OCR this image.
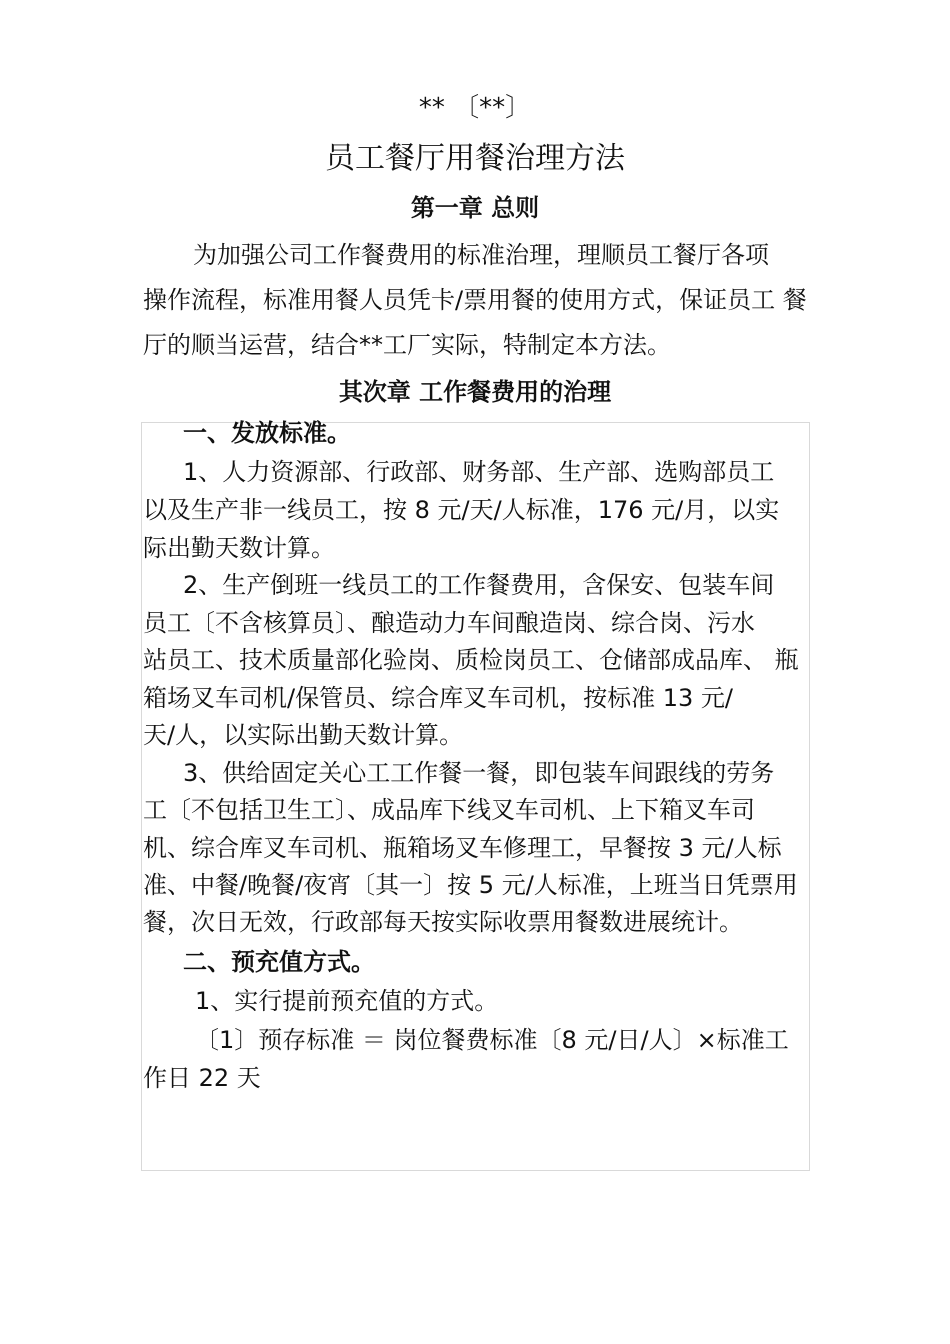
** 〔**〕
员工餐厅用餐治理方法
第一章 总则
为加强公司工作餐费用的标准治理，理顺员工餐厅各项
操作流程，标准用餐人员凭卡/票用餐的使用方式，保证员工 餐
厅的顺当运营，结合**工厂实际，特制定本方法。
其次章 工作餐费用的治理
一、发放标准。
1、人力资源部、行政部、财务部、生产部、选购部员工
以及生产非一线员工，按 8 元/天/人标准，176 元/月，以实
际出勤天数计算。
2、生产倒班一线员工的工作餐费用，含保安、包装车间
员工〔不含核算员〕、酿造动力车间酿造岗、综合岗、污水
站员工、技术质量部化验岗、质检岗员工、仓储部成品库、 瓶
箱场叉车司机/保管员、综合库叉车司机，按标准 13 元/
天/人，以实际出勤天数计算。
3、供给固定关心工工作餐一餐，即包装车间跟线的劳务
工〔不包括卫生工〕、成品库下线叉车司机、上下箱叉车司
机、综合库叉车司机、瓶箱场叉车修理工，早餐按 3 元/人标
准、中餐/晚餐/夜宵〔其一〕按 5 元/人标准，上班当日凭票用
餐，次日无效，行政部每天按实际收票用餐数进展统计。
二、预充值方式。
1、实行提前预充值的方式。
〔1〕预存标准 ＝ 岗位餐费标准〔8 元/日/人〕×标准工
作日 22 天
